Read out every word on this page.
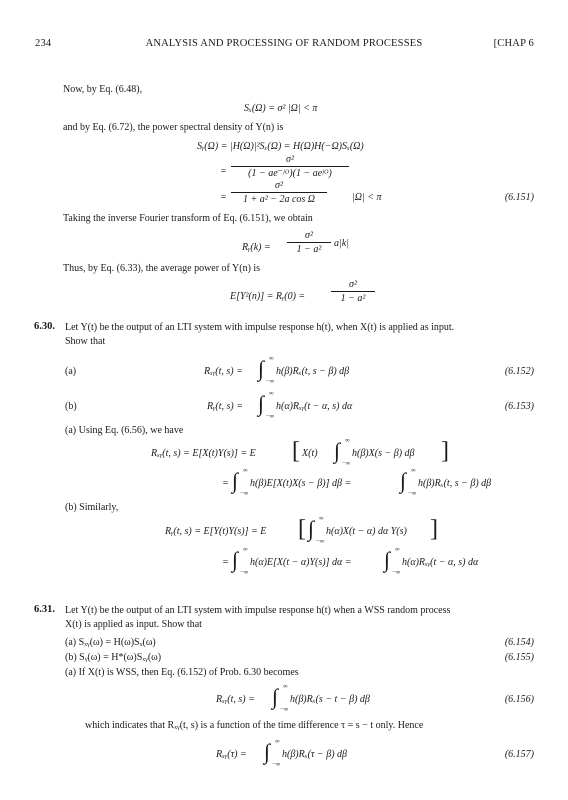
234	ANALYSIS AND PROCESSING OF RANDOM PROCESSES	[CHAP 6
Now, by Eq. (6.48),
Sₓ(Ω) = σ² |Ω| < π
and by Eq. (6.72), the power spectral density of Y(n) is
Sᵧ(Ω) = |H(Ω)|²Sₓ(Ω) = H(Ω)H(−Ω)Sₓ(Ω)
=
σ²
(1 − ae⁻ʲᴼ)(1 − aeʲᴼ)
=
σ²
1 + a² − 2a cos Ω	|Ω| < π	(6.151)
Taking the inverse Fourier transform of Eq. (6.151), we obtain
Rᵧ(k) =
σ²
1 − a²
a|k|
Thus, by Eq. (6.33), the average power of Y(n) is
E[Y²(n)] = Rᵧ(0) =
σ²
1 − a²
6.30. Let Y(t) be the output of an LTI system with impulse response h(t), when X(t) is applied as input.
Show that
(a)	Rₓᵧ(t, s) = ∫ ∞
−∞
h(β)Rₓ(t, s − β) dβ	(6.152)
(b)	Rᵧ(t, s) = ∫ ∞
−∞
h(α)Rₓᵧ(t − α, s) dα	(6.153)
(a) Using Eq. (6.56), we have
Rₓᵧ(t, s) = E[X(t)Y(s)] = E [ X(t) ∫ ∞
−∞
h(β)X(s − β) dβ ]
= ∫ ∞
−∞
h(β)E[X(t)X(s − β)] dβ = ∫ ∞
−∞
h(β)Rₓ(t, s − β) dβ
(b) Similarly,
Rᵧ(t, s) = E[Y(t)Y(s)] = E [ ∫ ∞
−∞
h(α)X(t − α) dα Y(s) ]
= ∫ ∞
−∞
h(α)E[X(t − α)Y(s)] dα = ∫ ∞
−∞
h(α)Rₓᵧ(t − α, s) dα
6.31. Let Y(t) be the output of an LTI system with impulse response h(t) when a WSS random process
X(t) is applied as input. Show that
(a) Sₓᵧ(ω) = H(ω)Sₓ(ω)	(6.154)
(b) Sᵧ(ω) = H*(ω)Sₓᵧ(ω)	(6.155)
(a) If X(t) is WSS, then Eq. (6.152) of Prob. 6.30 becomes
Rₓᵧ(t, s) = ∫ ∞
−∞
h(β)Rₓ(s − t − β) dβ	(6.156)
which indicates that Rₓᵧ(t, s) is a function of the time difference τ = s − t only. Hence
Rₓᵧ(τ) = ∫ ∞
−∞
h(β)Rₓ(τ − β) dβ	(6.157)
